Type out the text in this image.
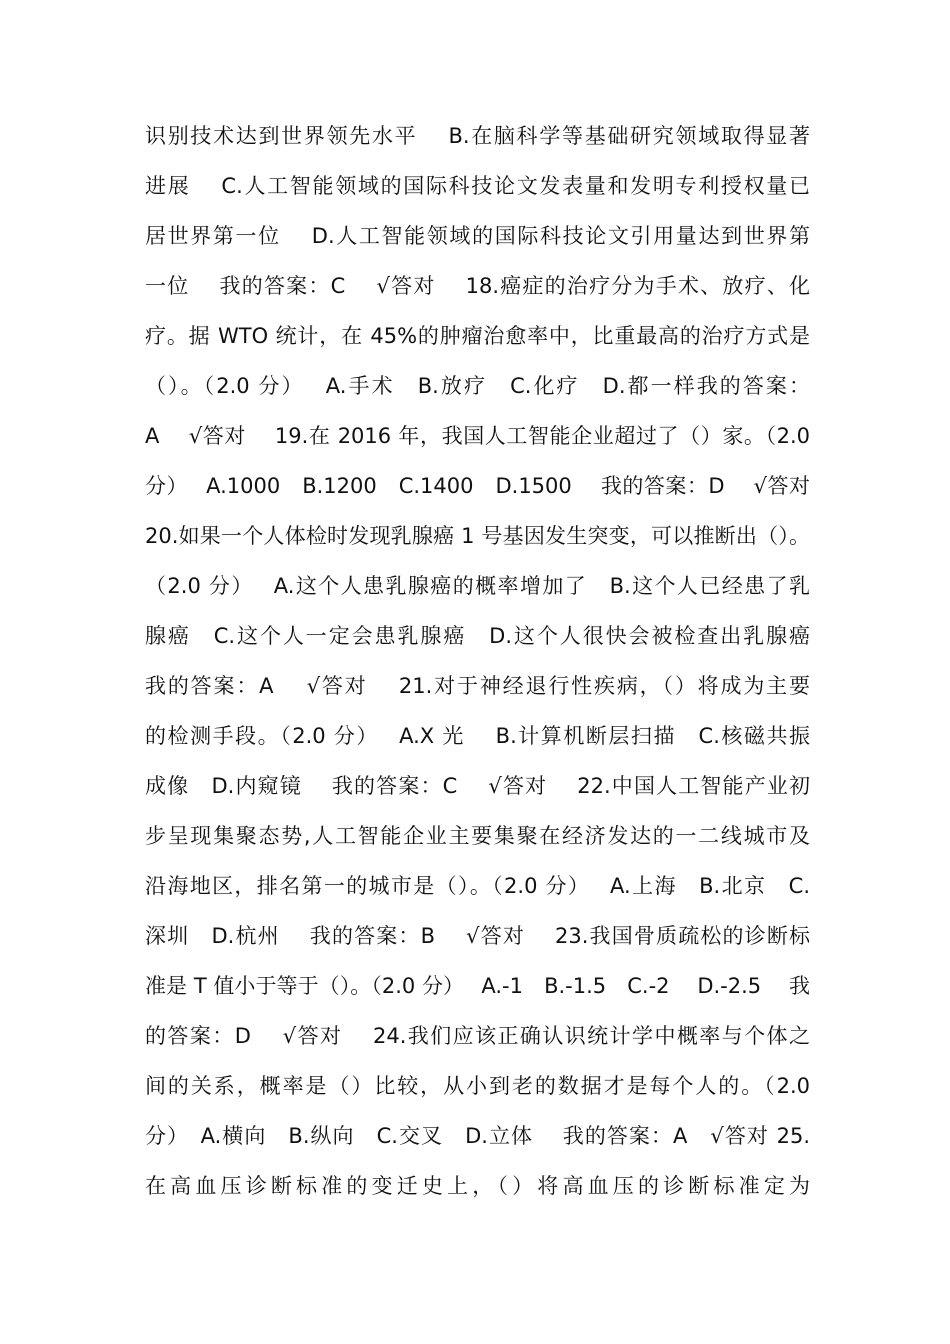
识别技术达到世界领先水平　 B.在脑科学等基础研究领域取得显著
进展　 C.人工智能领域的国际科技论文发表量和发明专利授权量已
居世界第一位　 D.人工智能领域的国际科技论文引用量达到世界第
一位　 我的答案：C　 √答对　 18.癌症的治疗分为手术、放疗、化
疗。据 WTO 统计，在 45%的肿瘤治愈率中，比重最高的治疗方式是
（）。（2.0 分）　 A.手术　B.放疗　C.化疗　D.都一样我的答案：
A　 √答对　 19.在 2016 年，我国人工智能企业超过了（）家。（2.0
分）　 A.1000　B.1200　C.1400　D.1500　 我的答案：D　 √答对
20.如果一个人体检时发现乳腺癌 1 号基因发生突变，可以推断出（）。
（2.0 分）　 A.这个人患乳腺癌的概率增加了　B.这个人已经患了乳
腺癌　C.这个人一定会患乳腺癌　D.这个人很快会被检查出乳腺癌
我的答案：A　 √答对　 21.对于神经退行性疾病，（）将成为主要
的检测手段。（2.0 分）　 A.X 光　 B.计算机断层扫描　C.核磁共振
成像　D.内窥镜　 我的答案：C　 √答对　 22.中国人工智能产业初
步呈现集聚态势,人工智能企业主要集聚在经济发达的一二线城市及
沿海地区，排名第一的城市是（）。（2.0 分）　 A.上海　B.北京　C.
深圳　D.杭州　 我的答案：B　 √答对　 23.我国骨质疏松的诊断标
准是 T 值小于等于（）。（2.0 分）　 A.-1　B.-1.5　C.-2　 D.-2.5　 我
的答案：D　 √答对　 24.我们应该正确认识统计学中概率与个体之
间的关系，概率是（）比较，从小到老的数据才是每个人的。（2.0
分）　A.横向　B.纵向　C.交叉　D.立体　 我的答案：A　√答对 25.
在高血压诊断标准的变迁史上，（）将高血压的诊断标准定为
